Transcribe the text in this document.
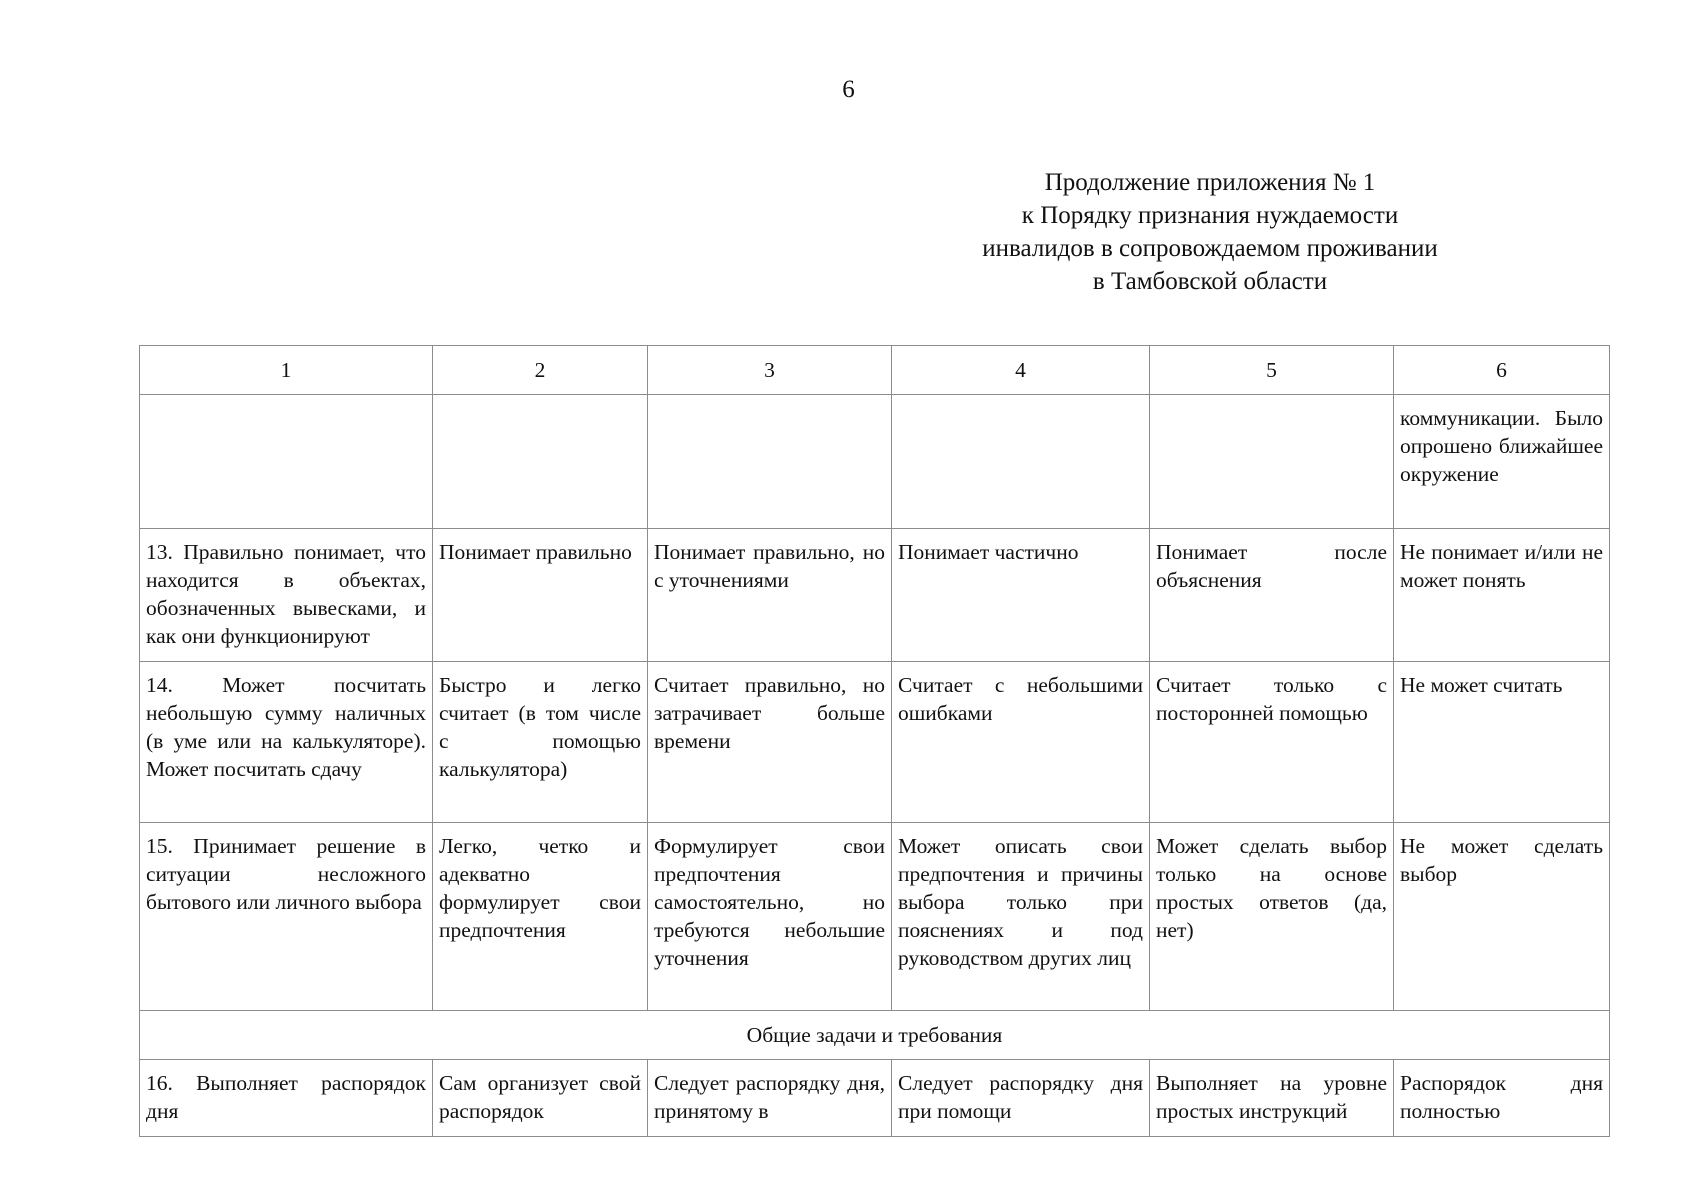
6
Продолжение приложения № 1
к Порядку признания нуждаемости
инвалидов в сопровождаемом проживании
в Тамбовской области
1	2	3	4	5	6
					коммуникации. Было опрошено ближайшее окружение
13. Правильно понимает, что находится в объектах, обозначенных вывесками, и как они функционируют	Понимает правильно	Понимает правильно, но с уточнениями	Понимает частично	Понимает после объяснения	Не понимает и/или не может понять
14. Может посчитать небольшую сумму наличных (в уме или на калькуляторе). Может посчитать сдачу	Быстро и легко считает (в том числе с помощью калькулятора)	Считает правильно, но затрачивает больше времени	Считает с небольшими ошибками	Считает только с посторонней помощью	Не может считать
15. Принимает решение в ситуации несложного бытового или личного выбора	Легко, четко и адекватно формулирует свои предпочтения	Формулирует свои предпочтения самостоятельно, но требуются небольшие уточнения	Может описать свои предпочтения и причины выбора только при пояснениях и под руководством других лиц	Может сделать выбор только на основе простых ответов (да, нет)	Не может сделать выбор
Общие задачи и требования					
16. Выполняет распорядок дня	Сам организует свой распорядок	Следует распорядку дня, принятому в	Следует распорядку дня при помощи	Выполняет на уровне простых инструкций	Распорядок дня полностью
